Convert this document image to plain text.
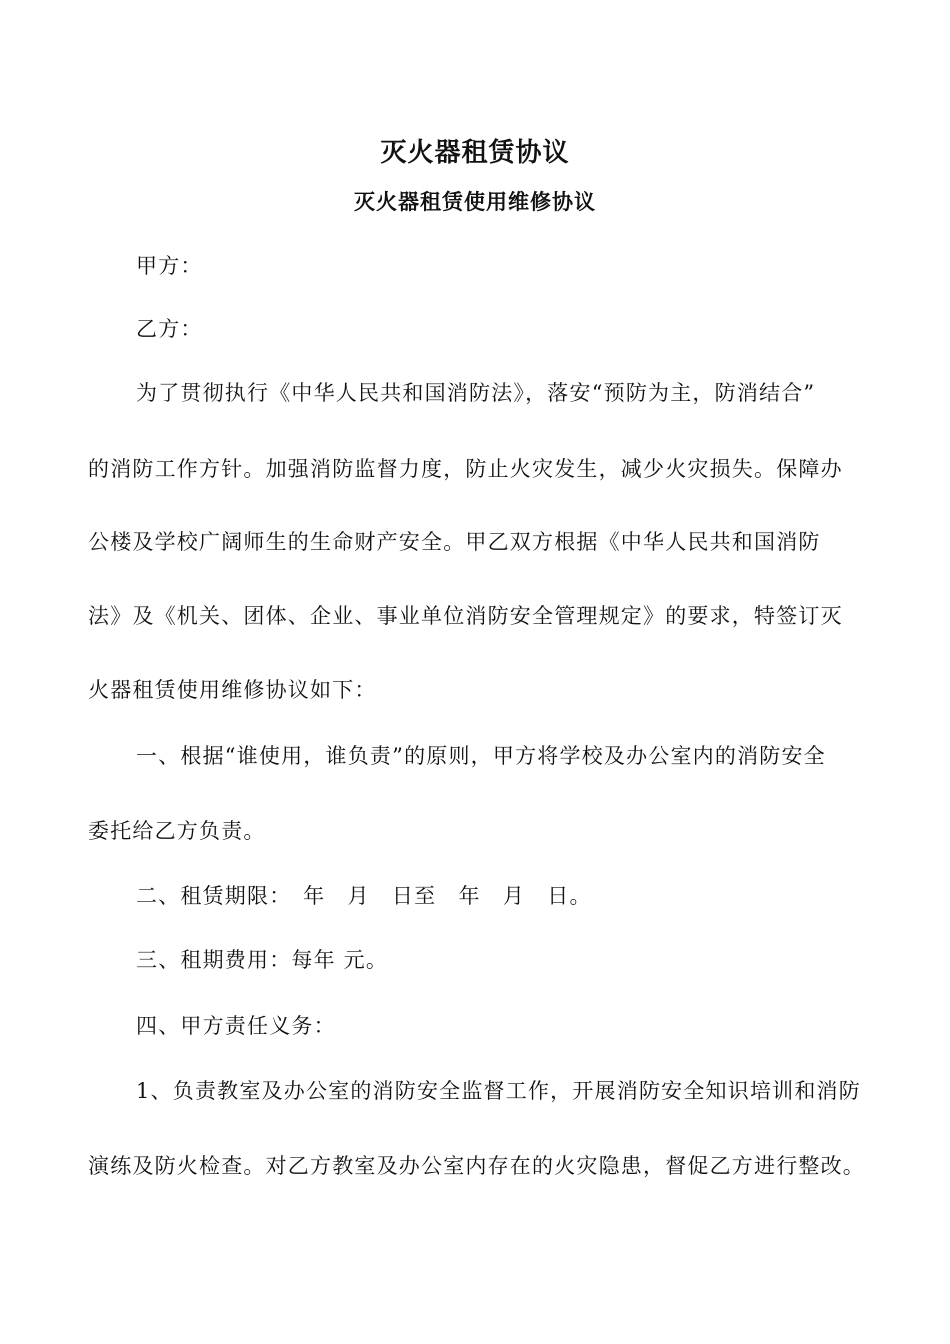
灭火器租赁协议
灭火器租赁使用维修协议
甲方：
乙方：
为了贯彻执行《中华人民共和国消防法》，落安“预防为主，防消结合”
的消防工作方针。加强消防监督力度，防止火灾发生，减少火灾损失。保障办
公楼及学校广阔师生的生命财产安全。甲乙双方根据《中华人民共和国消防
法》及《机关、团体、企业、事业单位消防安全管理规定》的要求，特签订灭
火器租赁使用维修协议如下：
一、根据“谁使用，谁负责”的原则，甲方将学校及办公室内的消防安全
委托给乙方负责。
二、租赁期限：　年　月　日至　年　月　日。
三、租期费用：每年 元。
四、甲方责任义务：
1、负责教室及办公室的消防安全监督工作，开展消防安全知识培训和消防
演练及防火检查。对乙方教室及办公室内存在的火灾隐患，督促乙方进行整改。
